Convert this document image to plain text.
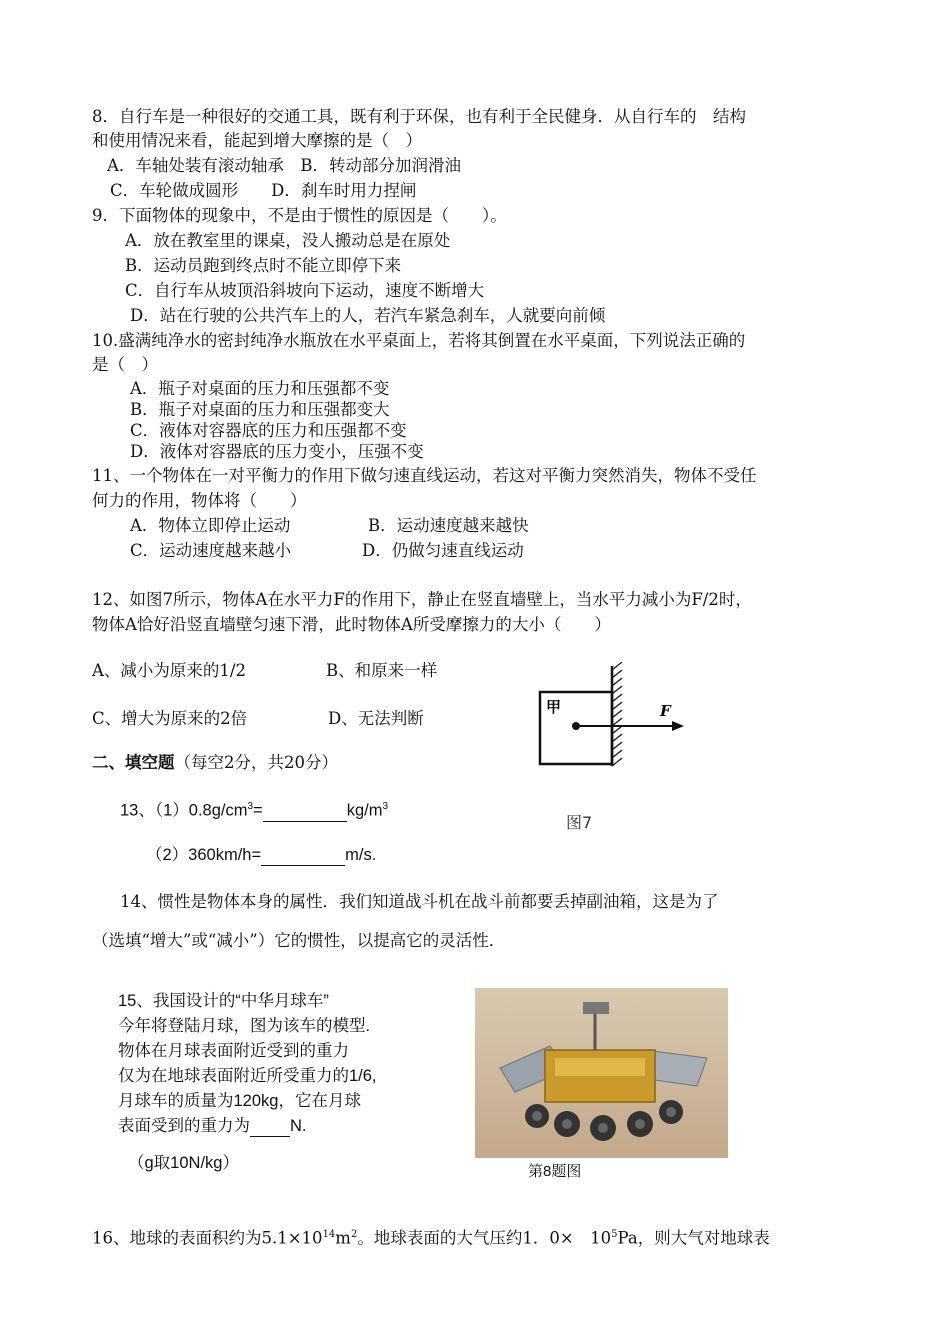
8．自行车是一种很好的交通工具，既有利于环保，也有利于全民健身．从自行车的　结构
和使用情况来看，能起到增大摩擦的是（　）
A．车轴处装有滚动轴承　B．转动部分加润滑油
C．车轮做成圆形　　D．刹车时用力捏闸
9．下面物体的现象中，不是由于惯性的原因是（　　）。
A．放在教室里的课桌，没人搬动总是在原处
B．运动员跑到终点时不能立即停下来
C．自行车从坡顶沿斜坡向下运动，速度不断增大
D．站在行驶的公共汽车上的人，若汽车紧急刹车，人就要向前倾
10.盛满纯净水的密封纯净水瓶放在水平桌面上，若将其倒置在水平桌面，下列说法正确的
是（　）
A．瓶子对桌面的压力和压强都不变
B．瓶子对桌面的压力和压强都变大
C．液体对容器底的压力和压强都不变
D．液体对容器底的压力变小，压强不变
11、一个物体在一对平衡力的作用下做匀速直线运动，若这对平衡力突然消失，物体不受任
何力的作用，物体将（　　）
A．物体立即停止运动	B．运动速度越来越快
C．运动速度越来越小	D．仍做匀速直线运动
12、如图7所示，物体A在水平力F的作用下，静止在竖直墙壁上，当水平力减小为F/2时，
物体A恰好沿竖直墙壁匀速下滑，此时物体A所受摩擦力的大小（　　）
A、减小为原来的1/2	B、和原来一样
C、增大为原来的2倍	D、无法判断
甲	F
图7
二、填空题（每空2分，共20分）
13、$(1)0.8g/cm^3=$	$kg/m^3$
（2）360km/h=	m/s.
14、惯性是物体本身的属性．我们知道战斗机在战斗前都要丢掉副油箱，这是为了
（选填“增大”或“减小”）它的惯性，以提高它的灵活性．
15、我国设计的“中华月球车”
今年将登陆月球，图为该车的模型.
物体在月球表面附近受到的重力
仅为在地球表面附近所受重力的1/6,
月球车的质量为120kg，它在月球
表面受到的重力为 N.
（g取10N/kg）	第8题图
16、地球的表面积约为$5.1\times 10^{14}m^2$。地球表面的大气压约1．0×　$10^5Pa$，则大气对地球表
